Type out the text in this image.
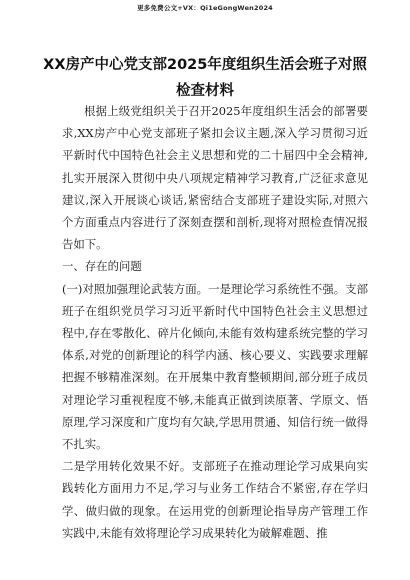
更多免费公文+VX：Qi1eGongWen2024
XX房产中心党支部2025年度组织生活会班子对照检查材料

根据上级党组织关于召开2025年度组织生活会的部署要求,XX房产中心党支部班子紧扣会议主题,深入学习贯彻习近平新时代中国特色社会主义思想和党的二十届四中全会精神,扎实开展深入贯彻中央八项规定精神学习教育,广泛征求意见建议,深入开展谈心谈话,紧密结合支部班子建设实际,对照六个方面重点内容进行了深刻查摆和剖析,现将对照检查情况报告如下。

一、存在的问题

(一)对照加强理论武装方面。一是理论学习系统性不强。支部班子在组织党员学习习近平新时代中国特色社会主义思想过程中,存在零散化、碎片化倾向,未能有效构建系统完整的学习体系,对党的创新理论的科学内涵、核心要义、实践要求理解把握不够精准深刻。在开展集中教育整顿期间,部分班子成员对理论学习重视程度不够,未能真正做到读原著、学原文、悟原理,学习深度和广度均有欠缺,学思用贯通、知信行统一做得不扎实。

二是学用转化效果不好。支部班子在推动理论学习成果向实践转化方面用力不足,学习与业务工作结合不紧密,存在学归学、做归做的现象。在运用党的创新理论指导房产管理工作实践中,未能有效将理论学习成果转化为破解难题、推
